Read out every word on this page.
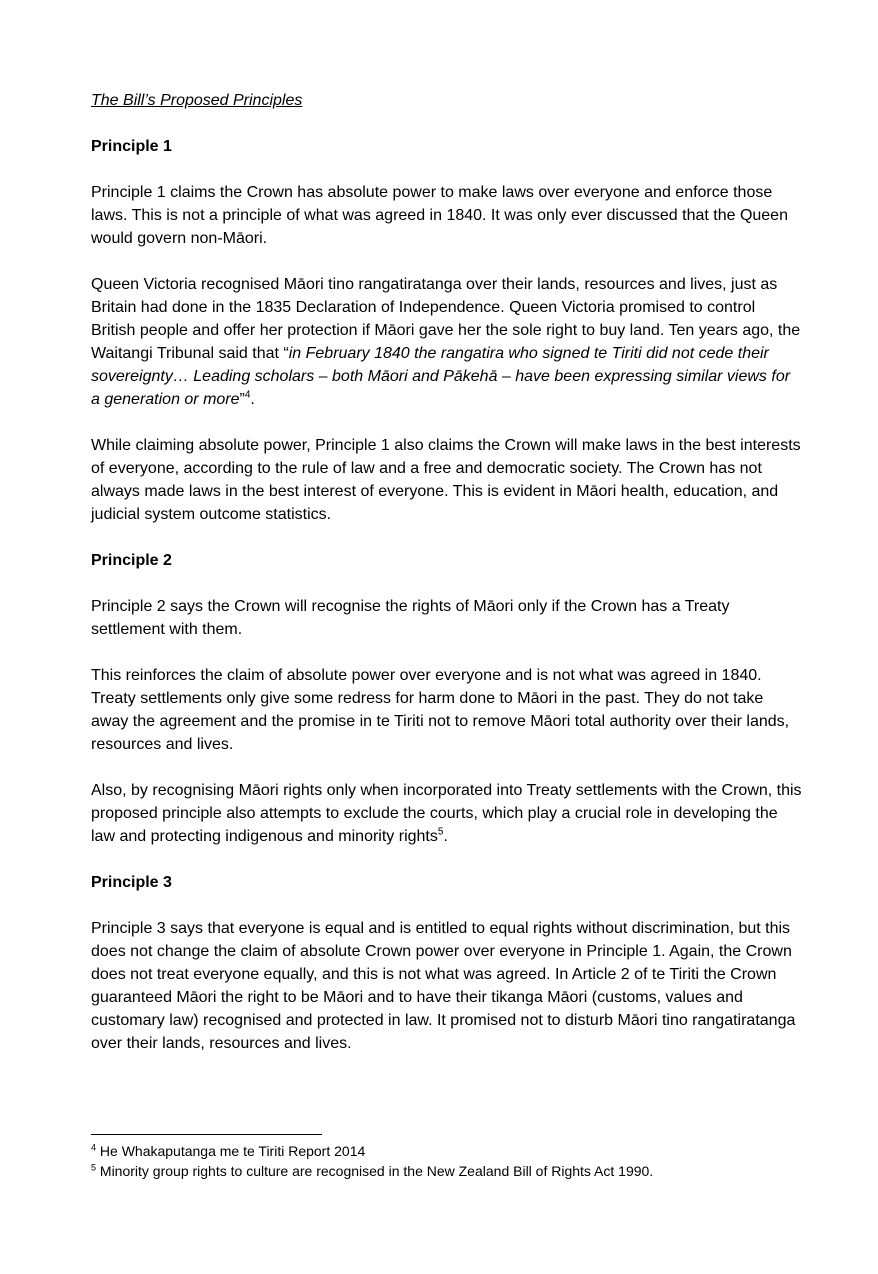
The Bill’s Proposed Principles
Principle 1

Principle 1 claims the Crown has absolute power to make laws over everyone and enforce those laws. This is not a principle of what was agreed in 1840. It was only ever discussed that the Queen would govern non-Māori.

Queen Victoria recognised Māori tino rangatiratanga over their lands, resources and lives, just as Britain had done in the 1835 Declaration of Independence. Queen Victoria promised to control British people and offer her protection if Māori gave her the sole right to buy land. Ten years ago, the Waitangi Tribunal said that “in February 1840 the rangatira who signed te Tiriti did not cede their sovereignty… Leading scholars – both Māori and Pākehā – have been expressing similar views for a generation or more”$^4$.

While claiming absolute power, Principle 1 also claims the Crown will make laws in the best interests of everyone, according to the rule of law and a free and democratic society. The Crown has not always made laws in the best interest of everyone. This is evident in Māori health, education, and judicial system outcome statistics.

Principle 2

Principle 2 says the Crown will recognise the rights of Māori only if the Crown has a Treaty settlement with them.

This reinforces the claim of absolute power over everyone and is not what was agreed in 1840. Treaty settlements only give some redress for harm done to Māori in the past. They do not take away the agreement and the promise in te Tiriti not to remove Māori total authority over their lands, resources and lives.

Also, by recognising Māori rights only when incorporated into Treaty settlements with the Crown, this proposed principle also attempts to exclude the courts, which play a crucial role in developing the law and protecting indigenous and minority rights$^5$.

Principle 3

Principle 3 says that everyone is equal and is entitled to equal rights without discrimination, but this does not change the claim of absolute Crown power over everyone in Principle 1. Again, the Crown does not treat everyone equally, and this is not what was agreed. In Article 2 of te Tiriti the Crown guaranteed Māori the right to be Māori and to have their tikanga Māori (customs, values and customary law) recognised and protected in law. It promised not to disturb Māori tino rangatiratanga over their lands, resources and lives.

$^4$ He Whakaputanga me te Tiriti Report 2014
$^5$ Minority group rights to culture are recognised in the New Zealand Bill of Rights Act 1990.
